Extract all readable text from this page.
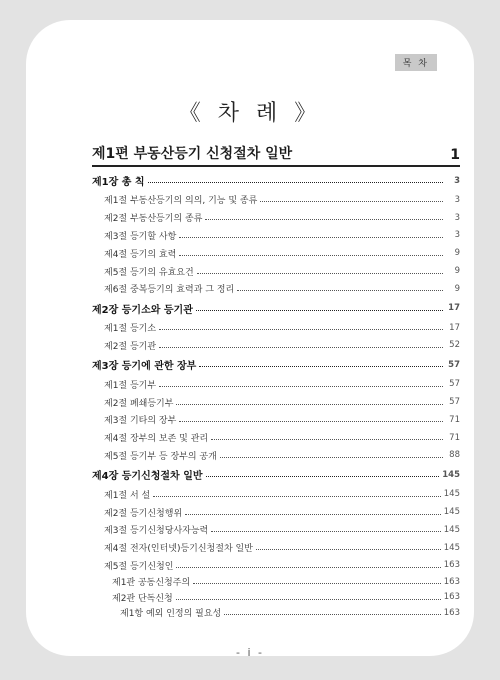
목 차
《 차 례 》
제1편 부동산등기 신청절차 일반	1
제1장 총 칙	3
제1절 부동산등기의 의의, 기능 및 종류	3
제2절 부동산등기의 종류	3
제3절 등기할 사항	3
제4절 등기의 효력	9
제5절 등기의 유효요건	9
제6절 중복등기의 효력과 그 정리	9
제2장 등기소와 등기관	17
제1절 등기소	17
제2절 등기관	52
제3장 등기에 관한 장부	57
제1절 등기부	57
제2절 폐쇄등기부	57
제3절 기타의 장부	71
제4절 장부의 보존 및 관리	71
제5절 등기부 등 장부의 공개	88
제4장 등기신청절차 일반	145
제1절 서 설	145
제2절 등기신청행위	145
제3절 등기신청당사자능력	145
제4절 전자(인터넷)등기신청절차 일반	145
제5절 등기신청인	163
제1관 공동신청주의	163
제2관 단독신청	163
제1항 예외 인정의 필요성	163
- i -
